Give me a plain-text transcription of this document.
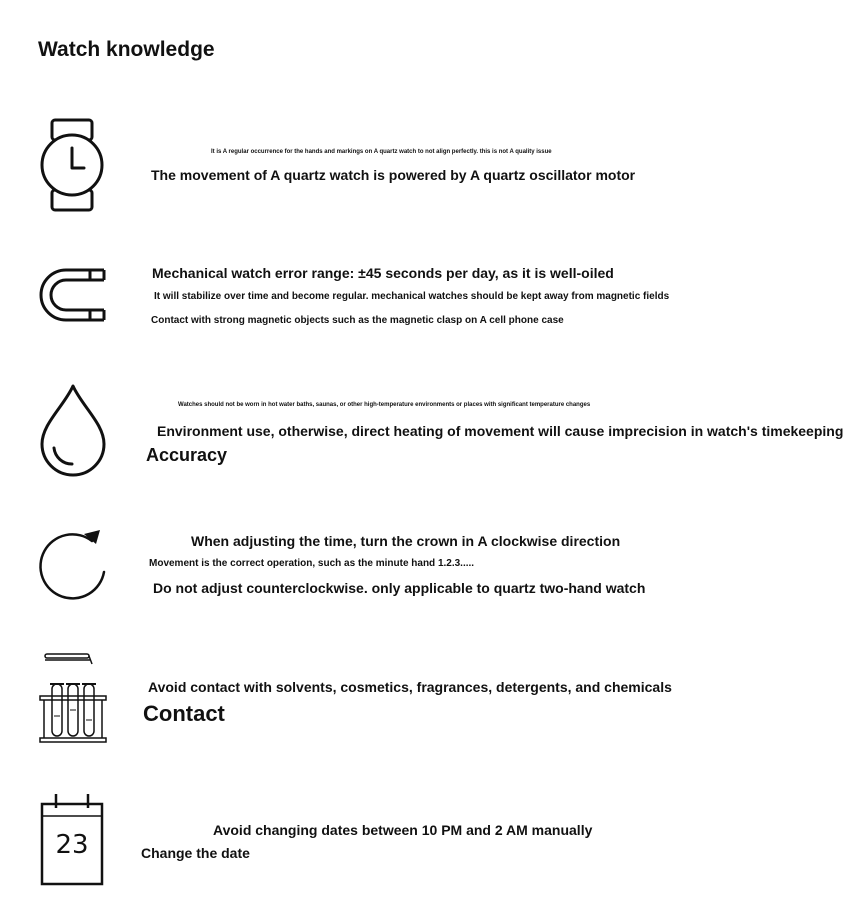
Watch knowledge
It is A regular occurrence for the hands and markings on A quartz watch to not align perfectly. this is not A quality issue
The movement of A quartz watch is powered by A quartz oscillator motor
Mechanical watch error range: ±45 seconds per day, as it is well-oiled
It will stabilize over time and become regular. mechanical watches should be kept away from magnetic fields
Contact with strong magnetic objects such as the magnetic clasp on A cell phone case
Watches should not be worn in hot water baths, saunas, or other high-temperature environments or places with significant temperature changes
Environment use, otherwise, direct heating of movement will cause imprecision in watch's timekeeping
Accuracy
When adjusting the time, turn the crown in A clockwise direction
Movement is the correct operation, such as the minute hand 1.2.3.....
Do not adjust counterclockwise. only applicable to quartz two-hand watch
Avoid contact with solvents, cosmetics, fragrances, detergents, and chemicals
Contact
23	Avoid changing dates between 10 PM and 2 AM manually
Change the date
